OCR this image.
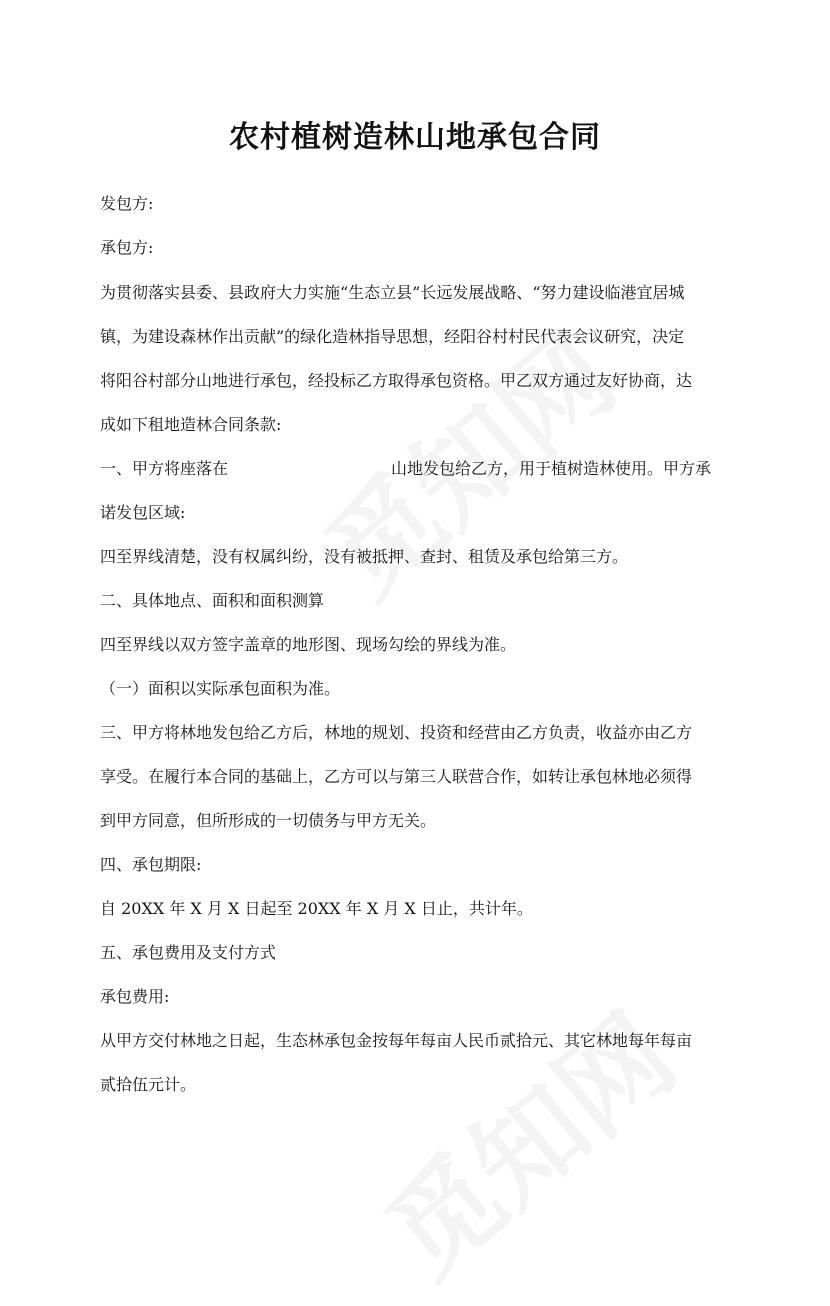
农村植树造林山地承包合同
发包方:
承包方:
为贯彻落实县委、县政府大力实施“生态立县”长远发展战略、“努力建设临港宜居城
镇，为建设森林作出贡献”的绿化造林指导思想，经阳谷村村民代表会议研究，决定
将阳谷村部分山地进行承包，经投标乙方取得承包资格。甲乙双方通过友好协商，达
成如下租地造林合同条款:
一、甲方将座落在	山地发包给乙方，用于植树造林使用。甲方承
诺发包区域:
四至界线清楚，没有权属纠纷，没有被抵押、查封、租赁及承包给第三方。
二、具体地点、面积和面积测算
四至界线以双方签字盖章的地形图、现场勾绘的界线为准。
（一）面积以实际承包面积为准。
三、甲方将林地发包给乙方后，林地的规划、投资和经营由乙方负责，收益亦由乙方
享受。在履行本合同的基础上，乙方可以与第三人联营合作，如转让承包林地必须得
到甲方同意，但所形成的一切债务与甲方无关。
四、承包期限:
自 20XX 年 X 月 X 日起至 20XX 年 X 月 X 日止，共计年。
五、承包费用及支付方式
承包费用:
从甲方交付林地之日起，生态林承包金按每年每亩人民币贰拾元、其它林地每年每亩
贰拾伍元计。
